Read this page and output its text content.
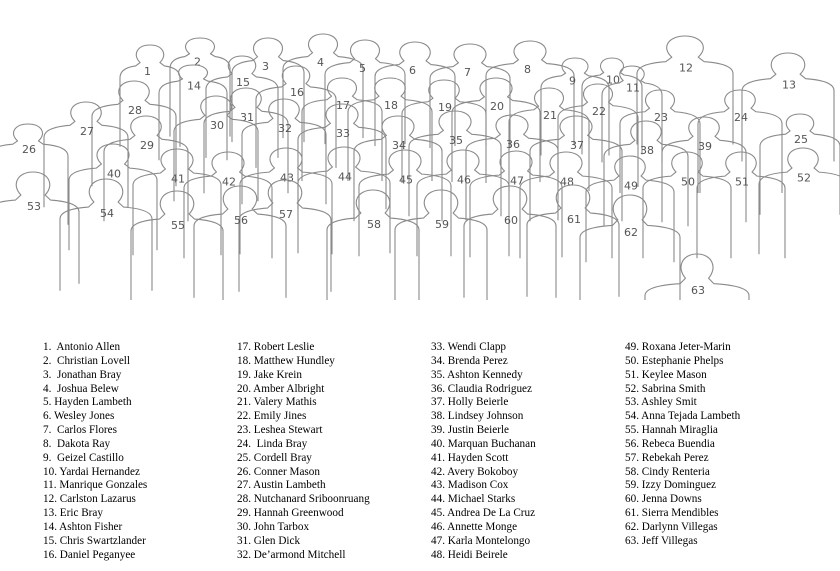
4	12
2	3	5	8
6	7
1
13
15	9	10
14	11
16
17	18	20
19
28	22
21
31	23	24
30	32
27	33
35	25
36
29	34	37	39
38
26
40	44
43	52
41	45	46	47
42	48	50	51
49
53
54	57	61
56	60
58	59
55
62
63
1.  Antonio Allen
2.  Christian Lovell
3.  Jonathan Bray
4.  Joshua Belew
5. Hayden Lambeth
6. Wesley Jones
7.  Carlos Flores
8.  Dakota Ray
9.  Geizel Castillo
10. Yardai Hernandez
11. Manrique Gonzales
12. Carlston Lazarus
13. Eric Bray
14. Ashton Fisher
15. Chris Swartzlander
16. Daniel Peganyee
17. Robert Leslie
18. Matthew Hundley
19. Jake Krein
20. Amber Albright
21. Valery Mathis
22. Emily Jines
23. Leshea Stewart
24.  Linda Bray
25. Cordell Bray
26. Conner Mason
27. Austin Lambeth
28. Nutchanard Sriboonruang
29. Hannah Greenwood
30. John Tarbox
31. Glen Dick
32. De’armond Mitchell
33. Wendi Clapp
34. Brenda Perez
35. Ashton Kennedy
36. Claudia Rodriguez
37. Holly Beierle
38. Lindsey Johnson
39. Justin Beierle
40. Marquan Buchanan
41. Hayden Scott
42. Avery Bokoboy
43. Madison Cox
44. Michael Starks
45. Andrea De La Cruz
46. Annette Monge
47. Karla Montelongo
48. Heidi Beirele
49. Roxana Jeter-Marin
50. Estephanie Phelps
51. Keylee Mason
52. Sabrina Smith
53. Ashley Smit
54. Anna Tejada Lambeth
55. Hannah Miraglia
56. Rebeca Buendia
57. Rebekah Perez
58. Cindy Renteria
59. Izzy Dominguez
60. Jenna Downs
61. Sierra Mendibles
62. Darlynn Villegas
63. Jeff Villegas
